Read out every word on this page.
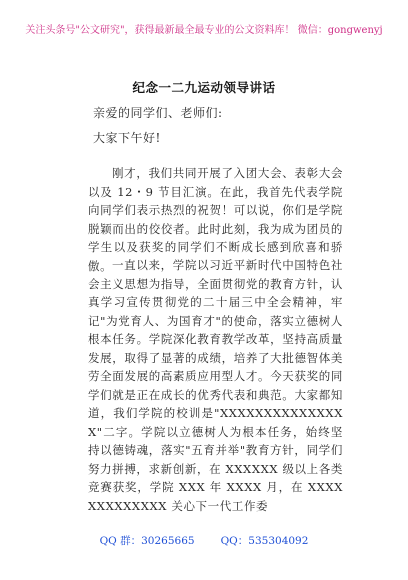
关注头条号"公文研究"，获得最新最全最专业的公文资料库！ 微信：gongwenyj
纪念一二九运动领导讲话
亲爱的同学们、老师们:
大家下午好!

刚才，我们共同开展了入团大会、表彰大会以及 12・9 节目汇演。在此，我首先代表学院向同学们表示热烈的祝贺！可以说，你们是学院脱颖而出的佼佼者。此时此刻，我为成为团员的学生以及获奖的同学们不断成长感到欣喜和骄傲。 一直以来，学院以习近平新时代中国特色社会主义思想为指导，全面贯彻党的教育方针，认真学习宣传贯彻党的二十届三中全会精神，牢记"为党育人、为国育才"的使命，落实立德树人根本任务。学院深化教育教学改革，坚持高质量发展，取得了显著的成绩，培养了大批德智体美劳全面发展的高素质应用型人才。今天获奖的同学们就是正在成长的优秀代表和典范。大家都知道，我们学院的校训是"XXXXXXXXXXXXXXX"二字。学院以立德树人为根本任务，始终坚持以德铸魂，落实"五育并举"教育方针，同学们努力拼搏，求新创新，在 XXXXXX 级以上各类竞赛获奖，学院 XXX 年 XXXX 月，在 XXXXXXXXXXXXX 关心下一代工作委

QQ 群：30265665 QQ：535304092
